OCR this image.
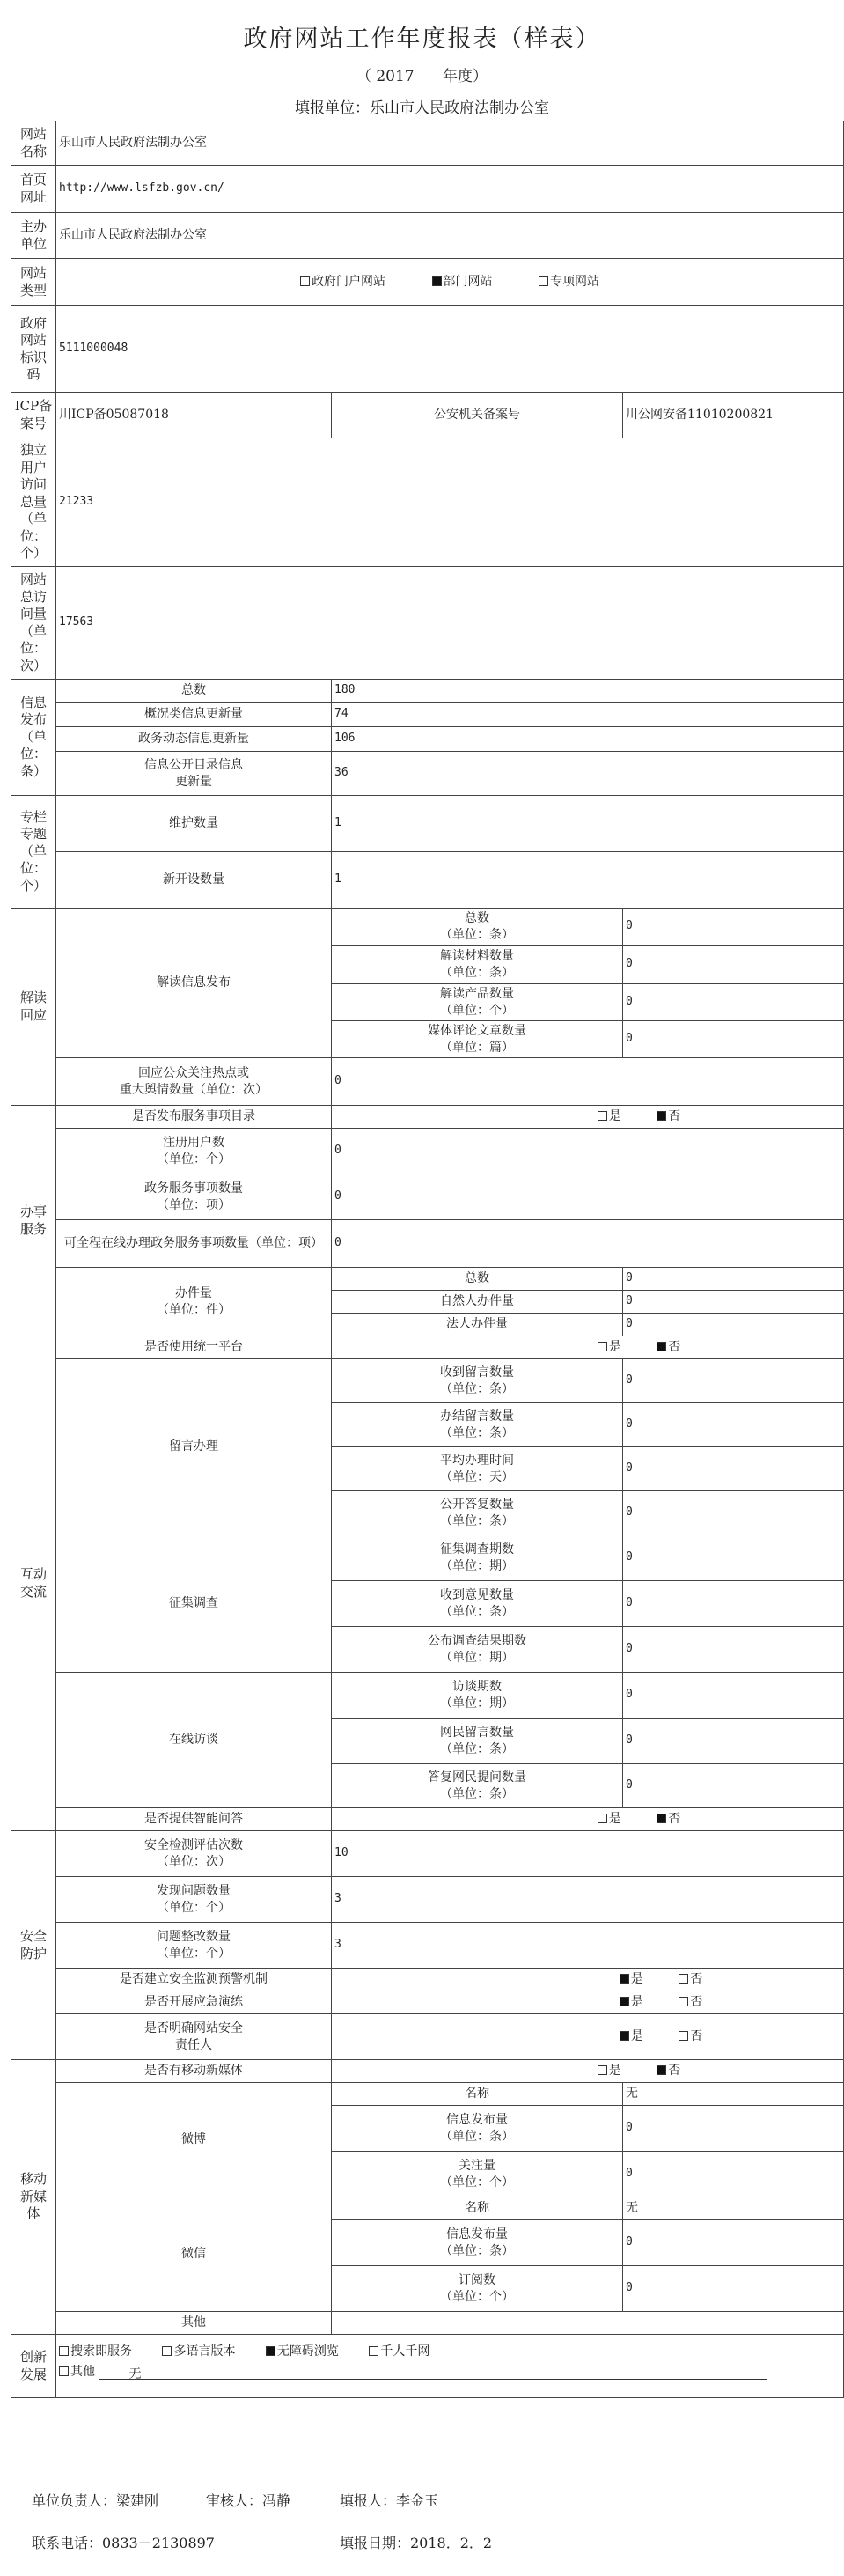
政府网站工作年度报表（样表）
（ 2017      年度）
填报单位：乐山市人民政府法制办公室
网站名称	乐山市人民政府法制办公室		
首页网址	http://www.lsfzb.gov.cn/		
主办单位	乐山市人民政府法制办公室		
网站类型	政府门户网站 部门网站 专项网站		
政府网站标识码	5111000048		
ICP备案号	川ICP备05087018	公安机关备案号	川公网安备11010200821
独立用户访问总量（单位：个）	21233		
网站总访问量（单位：次）	17563		
信息发布（单位：条）	总数	180	
	概况类信息更新量	74	
	政务动态信息更新量	106	
	信息公开目录信息
更新量	36	
专栏专题（单位：个）	维护数量	1	
	新开设数量	1	
解读回应	解读信息发布	总数
（单位：条）	0
		解读材料数量
（单位：条）	0
		解读产品数量
（单位：个）	0
		媒体评论文章数量
（单位：篇）	0
	回应公众关注热点或
重大舆情数量（单位：次）	0	
办事服务	是否发布服务事项目录	是 否	
	注册用户数
（单位：个）	0	
	政务服务事项数量
（单位：项）	0	
	可全程在线办理政务服务事项数量（单位：项）	0	
	办件量
（单位：件）	总数	0
		自然人办件量	0
		法人办件量	0
互动交流	是否使用统一平台	是 否	
	留言办理	收到留言数量
（单位：条）	0
		办结留言数量
（单位：条）	0
		平均办理时间
（单位：天）	0
		公开答复数量
（单位：条）	0
	征集调查	征集调查期数
（单位：期）	0
		收到意见数量
（单位：条）	0
		公布调查结果期数
（单位：期）	0
	在线访谈	访谈期数
（单位：期）	0
		网民留言数量
（单位：条）	0
		答复网民提问数量
（单位：条）	0
	是否提供智能问答	是 否	
安全防护	安全检测评估次数
（单位：次）	10	
	发现问题数量
（单位：个）	3	
	问题整改数量
（单位：个）	3	
	是否建立安全监测预警机制	是 否	
	是否开展应急演练	是 否	
	是否明确网站安全
责任人	是 否	
移动新媒体	是否有移动新媒体	是 否	
	微博	名称	无
		信息发布量
（单位：条）	0
		关注量
（单位：个）	0
	微信	名称	无
		信息发布量
（单位：条）	0
		订阅数
（单位：个）	0
	其他		
创新发展	搜索即服务 多语言版本 无障碍浏览 千人千网
其他 无		
单位负责人：梁建刚	审核人：冯静	填报人：李金玉
联系电话：0833－2130897	填报日期：2018．2．2
